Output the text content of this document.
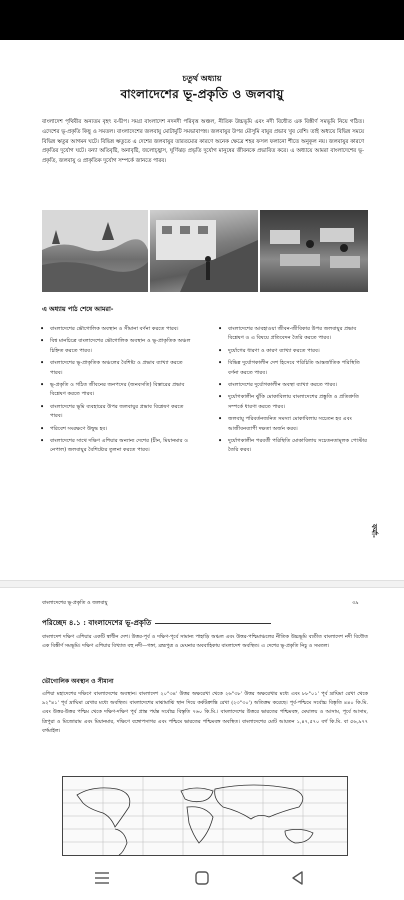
চতুর্থ অধ্যায়
বাংলাদেশের ভূ-প্রকৃতি ও জলবায়ু
বাংলাদেশ পৃথিবীর অন্যতম বৃহৎ ব-দ্বীপ। সমগ্র বাংলাদেশ নদনদী পরিবৃত্ত অঞ্চল, নীতিক উচ্চভূমি এবং নদী বিধৌত এক বিস্তীর্ণ সমভূমি নিয়ে গঠিত। এদেশের ভূ-প্রকৃতি কিছু ও সমতল। বাংলাদেশের জলবায়ু মোটামুটি সমভাবাপন্ন। জলবায়ুর উপর মৌসুমি বায়ুর প্রভাব খুব বেশি। তাই অধ্যয়ে বিভিন্ন সময়ে বিভিন্ন ঋতুর আগমন ঘটে। বিভিন্ন ঋতুতে এ দেশের জলবায়ুর তারতম্যের কারণে অনেক ক্ষেত্রে শহর ফসল ফলানো শীতে অনুকূল নয়। জলবায়ুর কারণে প্রকৃতির দুর্যোগ ঘটে। বন্যা অতিবৃষ্টি, অনাবৃষ্টি, জলোচ্ছ্বাস, ঘূর্ণিঝড় প্রভৃতি দুর্যোগ মানুষের জীবনকে প্রভাবিত করে। এ অধ্যায়ে আমরা বাংলাদেশের ভূ-প্রকৃতি, জলবায়ু ও প্রাকৃতিক দুর্যোগ সম্পর্কে জানতে পারব।
এ অধ্যায় পাঠ শেষে আমরা-
• বাংলাদেশের ভৌগোলিক অবস্থান ও সীমানা বর্ণনা করতে পারব।
• বিশ্ব মানচিত্রে বাংলাদেশের ভৌগোলিক অবস্থান ও ভূ-প্রাকৃতিক অঞ্চল চিহ্নিত করতে পারব।
• বাংলাদেশের ভূ-প্রাকৃতিক অঞ্চলের বৈশিষ্ট্য ও প্রভাব ব্যাখ্যা করতে পারব।
• ভূ-প্রকৃতি ও গঠিত জীবনের জনপদের (জনবসতি) বিস্তারের প্রভাব বিশ্লেষণ করতে পারব।
• বাংলাদেশের ভূমি ব্যবহারের উপর জলবায়ুর প্রভাব বিশ্লেষণ করতে পারব।
• পরিবেশ সংরক্ষণে উদ্বুদ্ধ হব।
• বাংলাদেশের সাথে দক্ষিণ এশিয়ার অন্যান্য দেশের (চীন, মিয়ানমার ও নেপাল) জলবায়ুর বৈশিষ্ট্যের তুলনা করতে পারব।
• বাংলাদেশের আবহাওয়া জীবন-জীবিকার উপর জলবায়ুর প্রভাব বিশ্লেষণ ও এ বিষয়ে প্রতিবেদন তৈরি করতে পারব।
• দুর্যোগের ধারণা ও কারণ ব্যাখ্যা করতে পারব।
• বিভিন্ন দুর্যোগকালীন দেশ হিসেবে পরিচিতি আন্তর্জাতিক পরিস্থিতি বর্ণনা করতে পারব।
• বাংলাদেশের দুর্যোগকালীন অবস্থা ব্যাখ্যা করতে পারব।
• দুর্যোগকালীন ঝুঁকি মোকাবিলায় বাংলাদেশের প্রস্তুতি ও প্রতিশ্রুতি সম্পর্কে ধারণা করতে পারব।
• জলবায়ু পরিবর্তনজনিত সমস্যা মোকাবিলায় সচেতন হব এবং আজীবনব্যাপী দক্ষতা অর্জন করব।
• দুর্যোগকালীন পরবর্তী পরিস্থিতি মোকাবিলায় সচেতনতামূলক পোস্টার তৈরি করব।
ফর্মা-
বাংলাদেশের ভূ-প্রকৃতি ও জলবায়ু	৩৯
পরিচ্ছেদ ৪.১ : বাংলাদেশের ভূ-প্রকৃতি
বাংলাদেশ দক্ষিণ এশিয়ার একটি স্বাধীন দেশ। উত্তর-পূর্ব ও দক্ষিণ-পূর্বে সামান্য পাহাড়ি অঞ্চল এবং উত্তর-পশ্চিমাঞ্চলের নীতিক উচ্চভূমি ব্যতীত বাংলাদেশ নদী বিধৌত এক বিস্তীর্ণ সমভূমি। দক্ষিণ এশিয়ার বিখ্যাত বহু নদী—গঙ্গা, ব্রহ্মপুত্র ও মেঘনার অববাহিকায় বাংলাদেশ অবস্থিত। এ দেশের ভূ-প্রকৃতি নিচু ও সমতল।
ভৌগোলিক অবস্থান ও সীমানা
এশিয়া মহাদেশের দক্ষিণে বাংলাদেশের অবস্থান। বাংলাদেশ ২০°৩৪' উত্তর অক্ষরেখা থেকে ২৬°৩৮' উত্তর অক্ষরেখার মধ্যে এবং ৮৮°০১' পূর্ব দ্রাঘিমা রেখা থেকে ৯২°৪১' পূর্ব দ্রাঘিমা রেখার মধ্যে অবস্থিত। বাংলাদেশের মাঝামাঝি স্থান দিয়ে কর্কটক্রান্তি রেখা (২৩°৩০') অতিক্রম করেছে। পূর্ব-পশ্চিমে সর্বোচ্চ বিস্তৃতি ৪৪০ কি.মি. এবং উত্তর-উত্তর পশ্চিম থেকে দক্ষিণ-দক্ষিণ পূর্ব প্রান্ত পর্যন্ত সর্বোচ্চ বিস্তৃতি ৭৬০ কি.মি.। বাংলাদেশের উত্তরে ভারতের পশ্চিমবঙ্গ, মেঘালয় ও আসাম, পূর্বে আসাম, ত্রিপুরা ও মিজোরাম এবং মিয়ানমার, দক্ষিণে বঙ্গোপসাগর এবং পশ্চিমে ভারতের পশ্চিমবঙ্গ অবস্থিত। বাংলাদেশের মোট আয়তন ১,৪৭,৫৭০ বর্গ কি.মি. বা ৫৬,৯৭৭ বর্গমাইল।
